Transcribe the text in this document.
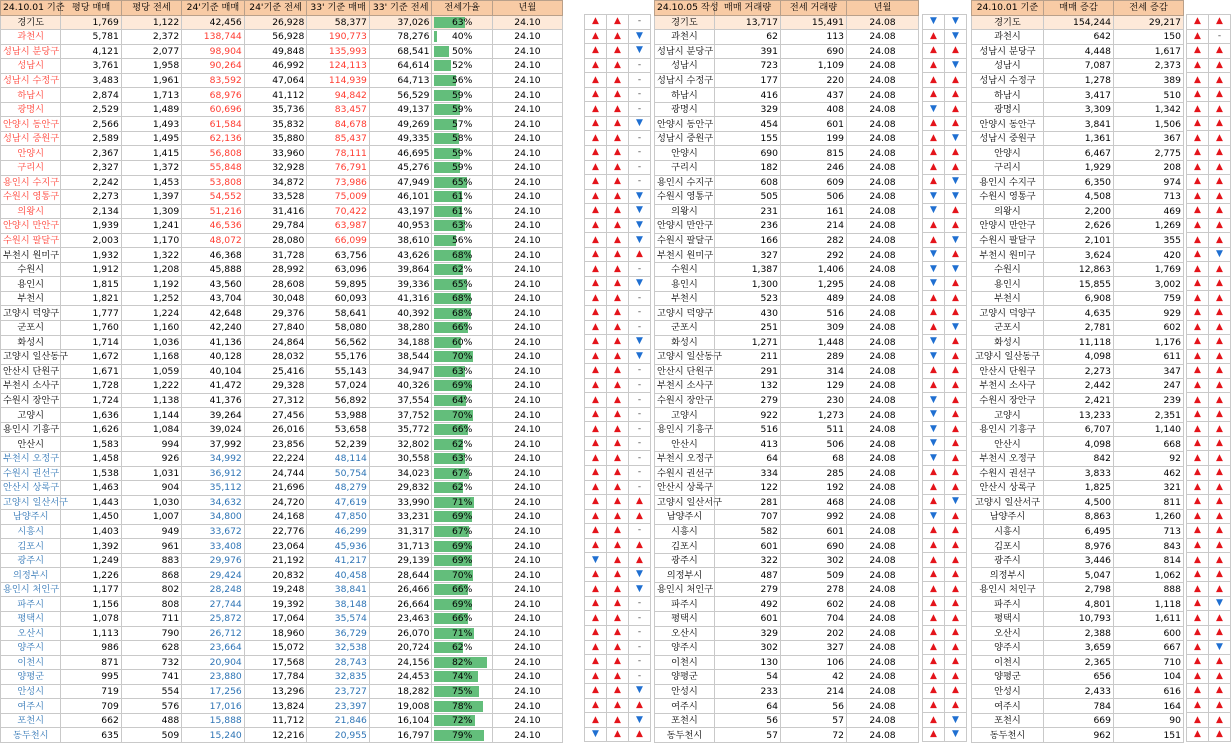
24.10.01 기준	평당 매매	평당 전세	24'기준 매매	24'기준 전세	33' 기준 매매	33' 기준 전세	전세가율	년월
경기도	1,769	1,122	42,456	26,928	58,377	37,026	63%	24.10
과천시	5,781	2,372	138,744	56,928	190,773	78,276	40%	24.10
성남시 분당구	4,121	2,077	98,904	49,848	135,993	68,541	50%	24.10
성남시	3,761	1,958	90,264	46,992	124,113	64,614	52%	24.10
성남시 수정구	3,483	1,961	83,592	47,064	114,939	64,713	56%	24.10
하남시	2,874	1,713	68,976	41,112	94,842	56,529	59%	24.10
광명시	2,529	1,489	60,696	35,736	83,457	49,137	59%	24.10
안양시 동안구	2,566	1,493	61,584	35,832	84,678	49,269	57%	24.10
성남시 중원구	2,589	1,495	62,136	35,880	85,437	49,335	58%	24.10
안양시	2,367	1,415	56,808	33,960	78,111	46,695	59%	24.10
구리시	2,327	1,372	55,848	32,928	76,791	45,276	59%	24.10
용인시 수지구	2,242	1,453	53,808	34,872	73,986	47,949	65%	24.10
수원시 영통구	2,273	1,397	54,552	33,528	75,009	46,101	61%	24.10
의왕시	2,134	1,309	51,216	31,416	70,422	43,197	61%	24.10
안양시 만안구	1,939	1,241	46,536	29,784	63,987	40,953	63%	24.10
수원시 팔달구	2,003	1,170	48,072	28,080	66,099	38,610	56%	24.10
부천시 원미구	1,932	1,322	46,368	31,728	63,756	43,626	68%	24.10
수원시	1,912	1,208	45,888	28,992	63,096	39,864	62%	24.10
용인시	1,815	1,192	43,560	28,608	59,895	39,336	65%	24.10
부천시	1,821	1,252	43,704	30,048	60,093	41,316	68%	24.10
고양시 덕양구	1,777	1,224	42,648	29,376	58,641	40,392	68%	24.10
군포시	1,760	1,160	42,240	27,840	58,080	38,280	66%	24.10
화성시	1,714	1,036	41,136	24,864	56,562	34,188	60%	24.10
고양시 일산동구	1,672	1,168	40,128	28,032	55,176	38,544	70%	24.10
안산시 단원구	1,671	1,059	40,104	25,416	55,143	34,947	63%	24.10
부천시 소사구	1,728	1,222	41,472	29,328	57,024	40,326	69%	24.10
수원시 장안구	1,724	1,138	41,376	27,312	56,892	37,554	64%	24.10
고양시	1,636	1,144	39,264	27,456	53,988	37,752	70%	24.10
용인시 기흥구	1,626	1,084	39,024	26,016	53,658	35,772	66%	24.10
안산시	1,583	994	37,992	23,856	52,239	32,802	62%	24.10
부천시 오정구	1,458	926	34,992	22,224	48,114	30,558	63%	24.10
수원시 권선구	1,538	1,031	36,912	24,744	50,754	34,023	67%	24.10
안산시 상록구	1,463	904	35,112	21,696	48,279	29,832	62%	24.10
고양시 일산서구	1,443	1,030	34,632	24,720	47,619	33,990	71%	24.10
남양주시	1,450	1,007	34,800	24,168	47,850	33,231	69%	24.10
시흥시	1,403	949	33,672	22,776	46,299	31,317	67%	24.10
김포시	1,392	961	33,408	23,064	45,936	31,713	69%	24.10
광주시	1,249	883	29,976	21,192	41,217	29,139	69%	24.10
의정부시	1,226	868	29,424	20,832	40,458	28,644	70%	24.10
용인시 처인구	1,177	802	28,248	19,248	38,841	26,466	66%	24.10
파주시	1,156	808	27,744	19,392	38,148	26,664	69%	24.10
평택시	1,078	711	25,872	17,064	35,574	23,463	66%	24.10
오산시	1,113	790	26,712	18,960	36,729	26,070	71%	24.10
양주시	986	628	23,664	15,072	32,538	20,724	62%	24.10
이천시	871	732	20,904	17,568	28,743	24,156	82%	24.10
양평군	995	741	23,880	17,784	32,835	24,453	74%	24.10
안성시	719	554	17,256	13,296	23,727	18,282	75%	24.10
여주시	709	576	17,016	13,824	23,397	19,008	78%	24.10
포천시	662	488	15,888	11,712	21,846	16,104	72%	24.10
동두천시	635	509	15,240	12,216	20,955	16,797	79%	24.10

▲	▲	-
▲	▲	▼
▲	▲	▼
▲	▲	-
▲	▲	-
▲	▲	-
▲	▲	-
▲	▲	▼
▲	▲	-
▲	▲	-
▲	▲	-
▲	▲	-
▲	▲	▼
▲	▲	▼
▲	▲	▼
▲	▲	▼
▲	▲	▲
▲	▲	-
▲	▲	▼
▲	▲	-
▲	▲	-
▲	▲	-
▲	▲	▼
▲	▲	▼
▲	▲	-
▲	▲	-
▲	▲	-
▲	▲	-
▲	▲	-
▲	▲	-
▲	▲	-
▲	▲	-
▲	▲	-
▲	▲	▲
▲	▲	▲
▲	▲	-
▲	▲	▲
▼	▲	▲
▲	▲	▼
▲	▲	▼
▲	▲	-
▲	▲	-
▲	▲	-
▲	▲	-
▲	▲	-
▲	▲	-
▲	▲	▼
▲	▲	▲
▲	▲	▼
▼	▲	▲
24.10.05 작성	매매 거래량	전세 거래량	년월
경기도	13,717	15,491	24.08
과천시	62	113	24.08
성남시 분당구	391	690	24.08
성남시	723	1,109	24.08
성남시 수정구	177	220	24.08
하남시	416	437	24.08
광명시	329	408	24.08
안양시 동안구	454	601	24.08
성남시 중원구	155	199	24.08
안양시	690	815	24.08
구리시	182	246	24.08
용인시 수지구	608	609	24.08
수원시 영통구	505	506	24.08
의왕시	231	161	24.08
안양시 만안구	236	214	24.08
수원시 팔달구	166	282	24.08
부천시 원미구	327	292	24.08
수원시	1,387	1,406	24.08
용인시	1,300	1,295	24.08
부천시	523	489	24.08
고양시 덕양구	430	516	24.08
군포시	251	309	24.08
화성시	1,271	1,448	24.08
고양시 일산동구	211	289	24.08
안산시 단원구	291	314	24.08
부천시 소사구	132	129	24.08
수원시 장안구	279	230	24.08
고양시	922	1,273	24.08
용인시 기흥구	516	511	24.08
안산시	413	506	24.08
부천시 오정구	64	68	24.08
수원시 권선구	334	285	24.08
안산시 상록구	122	192	24.08
고양시 일산서구	281	468	24.08
남양주시	707	992	24.08
시흥시	582	601	24.08
김포시	601	690	24.08
광주시	322	302	24.08
의정부시	487	509	24.08
용인시 처인구	279	278	24.08
파주시	492	602	24.08
평택시	601	704	24.08
오산시	329	202	24.08
양주시	302	327	24.08
이천시	130	106	24.08
양평군	54	42	24.08
안성시	233	214	24.08
여주시	64	56	24.08
포천시	56	57	24.08
동두천시	57	72	24.08

▼	▼
▲	▼
▲	▲
▲	▼
▲	▲
▲	▲
▼	▲
▲	▲
▲	▼
▲	▲
▲	▲
▲	▼
▼	▼
▼	▲
▲	▲
▲	▼
▼	▲
▼	▼
▼	▲
▲	▲
▲	▲
▲	▼
▼	▲
▼	▲
▲	▲
▲	▲
▼	▲
▼	▲
▼	▲
▼	▲
▼	▲
▲	▲
▲	▲
▲	▼
▼	▲
▲	▲
▲	▲
▲	▲
▲	▲
▲	▲
▲	▲
▲	▲
▲	▲
▲	▲
▲	▲
▲	▲
▲	▲
▲	▲
▲	▼
▲	▼
24.10.01 기준	매매 증감	전세 증감
경기도	154,244	29,217
과천시	642	150
성남시 분당구	4,448	1,617
성남시	7,087	2,373
성남시 수정구	1,278	389
하남시	3,417	510
광명시	3,309	1,342
안양시 동안구	3,841	1,506
성남시 중원구	1,361	367
안양시	6,467	2,775
구리시	1,929	208
용인시 수지구	6,350	974
수원시 영통구	4,508	713
의왕시	2,200	469
안양시 만안구	2,626	1,269
수원시 팔달구	2,101	355
부천시 원미구	3,624	420
수원시	12,863	1,769
용인시	15,855	3,002
부천시	6,908	759
고양시 덕양구	4,635	929
군포시	2,781	602
화성시	11,118	1,176
고양시 일산동구	4,098	611
안산시 단원구	2,273	347
부천시 소사구	2,442	247
수원시 장안구	2,421	239
고양시	13,233	2,351
용인시 기흥구	6,707	1,140
안산시	4,098	668
부천시 오정구	842	92
수원시 권선구	3,833	462
안산시 상록구	1,825	321
고양시 일산서구	4,500	811
남양주시	8,863	1,260
시흥시	6,495	713
김포시	8,976	843
광주시	3,446	814
의정부시	5,047	1,062
용인시 처인구	2,798	888
파주시	4,801	1,118
평택시	10,793	1,611
오산시	2,388	600
양주시	3,659	667
이천시	2,365	710
양평군	656	104
안성시	2,433	616
여주시	784	164
포천시	669	90
동두천시	962	151

▲	▲
▲	-
▲	▲
▲	▲
▲	▲
▲	▲
▲	▲
▲	▲
▲	▲
▲	▲
▲	▲
▲	▲
▲	▲
▲	▲
▲	▲
▲	▲
▲	▼
▲	▲
▲	▲
▲	▲
▲	▲
▲	▲
▲	▲
▲	▲
▲	▲
▲	▲
▲	▲
▲	▲
▲	▲
▲	▲
▲	▲
▲	▲
▲	▲
▲	▲
▲	▲
▲	▲
▲	▲
▲	▲
▲	▲
▲	▲
▲	▼
▲	▲
▲	▲
▲	▼
▲	▲
▲	▲
▲	▲
▲	▲
▲	▲
▲	▲
